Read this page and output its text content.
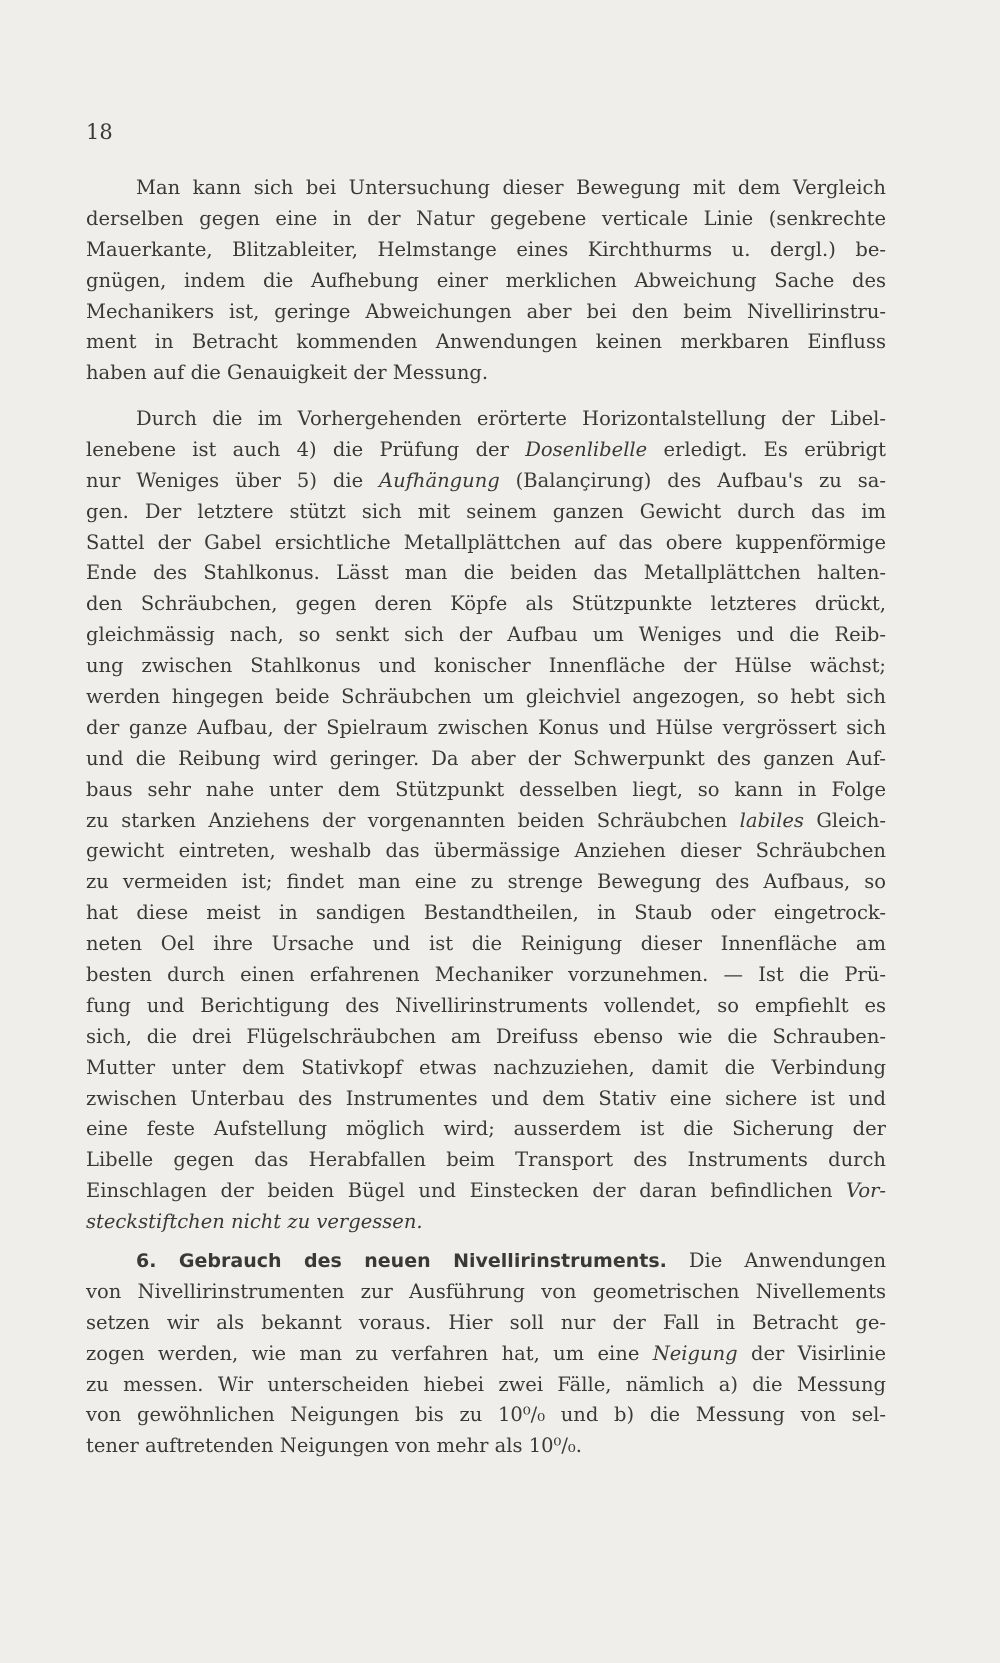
18
Man kann sich bei Untersuchung dieser Bewegung mit dem Vergleich
derselben gegen eine in der Natur gegebene verticale Linie (senkrechte
Mauerkante, Blitzableiter, Helmstange eines Kirchthurms u. dergl.) be-
gnügen, indem die Aufhebung einer merklichen Abweichung Sache des
Mechanikers ist, geringe Abweichungen aber bei den beim Nivellirinstru-
ment in Betracht kommenden Anwendungen keinen merkbaren Einfluss
haben auf die Genauigkeit der Messung.
Durch die im Vorhergehenden erörterte Horizontalstellung der Libel-
lenebene ist auch 4) die Prüfung der Dosenlibelle erledigt. Es erübrigt
nur Weniges über 5) die Aufhängung (Balançirung) des Aufbau's zu sa-
gen. Der letztere stützt sich mit seinem ganzen Gewicht durch das im
Sattel der Gabel ersichtliche Metallplättchen auf das obere kuppenförmige
Ende des Stahlkonus. Lässt man die beiden das Metallplättchen halten-
den Schräubchen, gegen deren Köpfe als Stützpunkte letzteres drückt,
gleichmässig nach, so senkt sich der Aufbau um Weniges und die Reib-
ung zwischen Stahlkonus und konischer Innenfläche der Hülse wächst;
werden hingegen beide Schräubchen um gleichviel angezogen, so hebt sich
der ganze Aufbau, der Spielraum zwischen Konus und Hülse vergrössert sich
und die Reibung wird geringer. Da aber der Schwerpunkt des ganzen Auf-
baus sehr nahe unter dem Stützpunkt desselben liegt, so kann in Folge
zu starken Anziehens der vorgenannten beiden Schräubchen labiles Gleich-
gewicht eintreten, weshalb das übermässige Anziehen dieser Schräubchen
zu vermeiden ist; findet man eine zu strenge Bewegung des Aufbaus, so
hat diese meist in sandigen Bestandtheilen, in Staub oder eingetrock-
neten Oel ihre Ursache und ist die Reinigung dieser Innenfläche am
besten durch einen erfahrenen Mechaniker vorzunehmen. — Ist die Prü-
fung und Berichtigung des Nivellirinstruments vollendet, so empfiehlt es
sich, die drei Flügelschräubchen am Dreifuss ebenso wie die Schrauben-
Mutter unter dem Stativkopf etwas nachzuziehen, damit die Verbindung
zwischen Unterbau des Instrumentes und dem Stativ eine sichere ist und
eine feste Aufstellung möglich wird; ausserdem ist die Sicherung der
Libelle gegen das Herabfallen beim Transport des Instruments durch
Einschlagen der beiden Bügel und Einstecken der daran befindlichen Vor-
steckstiftchen nicht zu vergessen.
6. Gebrauch des neuen Nivellirinstruments. Die Anwendungen
von Nivellirinstrumenten zur Ausführung von geometrischen Nivellements
setzen wir als bekannt voraus. Hier soll nur der Fall in Betracht ge-
zogen werden, wie man zu verfahren hat, um eine Neigung der Visirlinie
zu messen. Wir unterscheiden hiebei zwei Fälle, nämlich a) die Messung
von gewöhnlichen Neigungen bis zu 10⁰/₀ und b) die Messung von sel-
tener auftretenden Neigungen von mehr als 10⁰/₀.
